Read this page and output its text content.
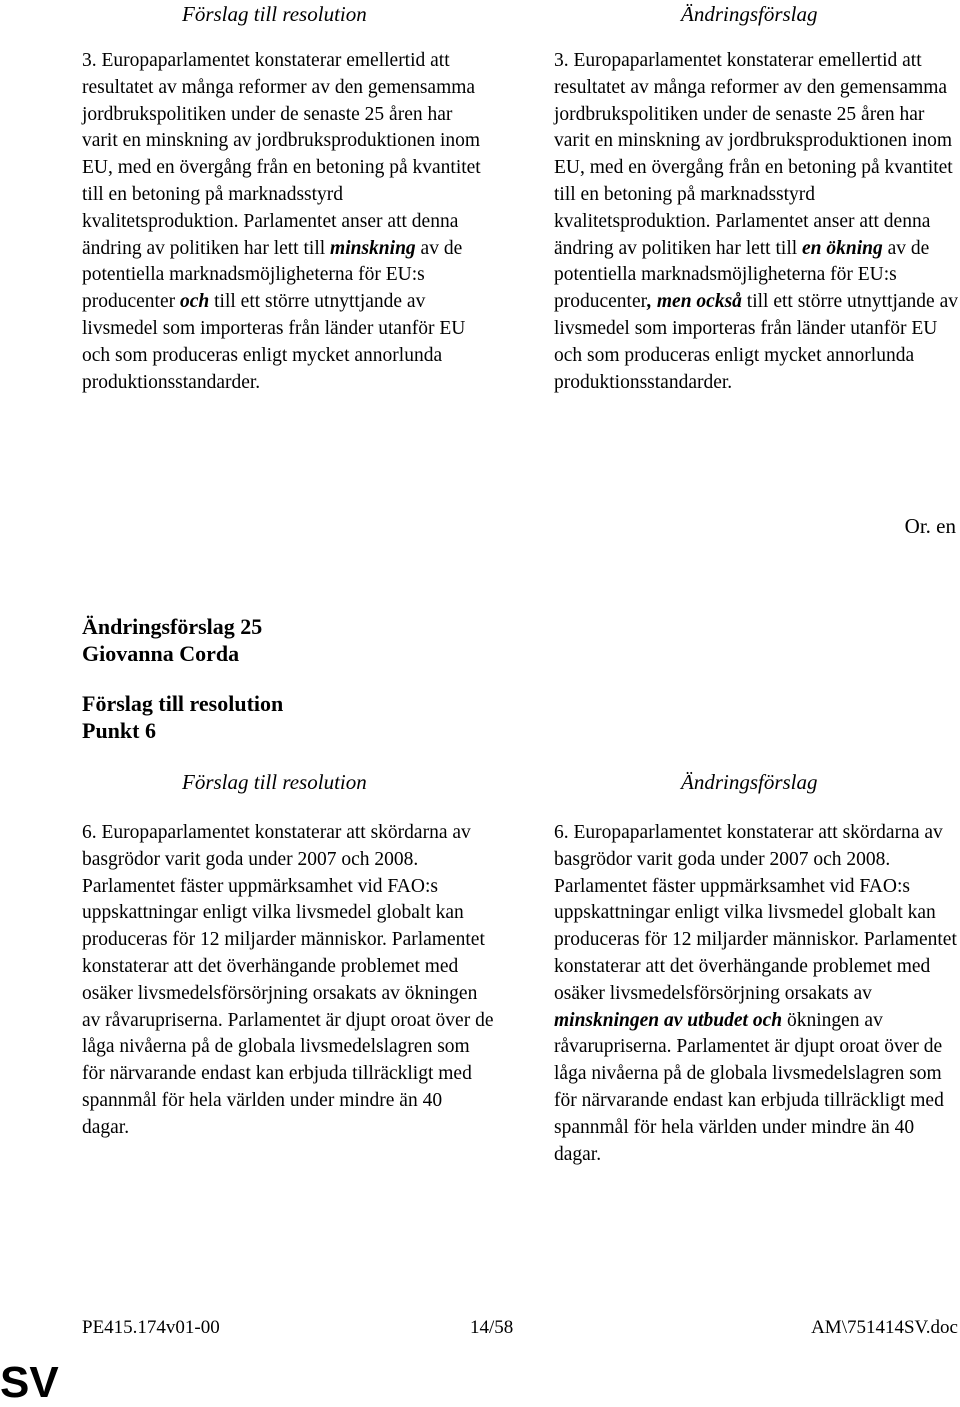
Förslag till resolution	Ändringsförslag

3. Europaparlamentet konstaterar emellertid att resultatet av många reformer av den gemensamma jordbrukspolitiken under de senaste 25 åren har varit en minskning av jordbruksproduktionen inom EU, med en övergång från en betoning på kvantitet till en betoning på marknadsstyrd kvalitetsproduktion. Parlamentet anser att denna ändring av politiken har lett till minskning av de potentiella marknadsmöjligheterna för EU:s producenter och till ett större utnyttjande av livsmedel som importeras från länder utanför EU och som produceras enligt mycket annorlunda produktionsstandarder.

3. Europaparlamentet konstaterar emellertid att resultatet av många reformer av den gemensamma jordbrukspolitiken under de senaste 25 åren har varit en minskning av jordbruksproduktionen inom EU, med en övergång från en betoning på kvantitet till en betoning på marknadsstyrd kvalitetsproduktion. Parlamentet anser att denna ändring av politiken har lett till en ökning av de potentiella marknadsmöjligheterna för EU:s producenter, men också till ett större utnyttjande av livsmedel som importeras från länder utanför EU och som produceras enligt mycket annorlunda produktionsstandarder.

Or. en
Ändringsförslag 25
Giovanna Corda
Förslag till resolution
Punkt 6
Förslag till resolution	Ändringsförslag

6. Europaparlamentet konstaterar att skördarna av basgrödor varit goda under 2007 och 2008. Parlamentet fäster uppmärksamhet vid FAO:s uppskattningar enligt vilka livsmedel globalt kan produceras för 12 miljarder människor. Parlamentet konstaterar att det överhängande problemet med osäker livsmedelsförsörjning orsakats av ökningen av råvarupriserna. Parlamentet är djupt oroat över de låga nivåerna på de globala livsmedelslagren som för närvarande endast kan erbjuda tillräckligt med spannmål för hela världen under mindre än 40 dagar.

6. Europaparlamentet konstaterar att skördarna av basgrödor varit goda under 2007 och 2008. Parlamentet fäster uppmärksamhet vid FAO:s uppskattningar enligt vilka livsmedel globalt kan produceras för 12 miljarder människor. Parlamentet konstaterar att det överhängande problemet med osäker livsmedelsförsörjning orsakats av minskningen av utbudet och ökningen av råvarupriserna. Parlamentet är djupt oroat över de låga nivåerna på de globala livsmedelslagren som för närvarande endast kan erbjuda tillräckligt med spannmål för hela världen under mindre än 40 dagar.

PE415.174v01-00	14/58	AM\751414SV.doc
SV
